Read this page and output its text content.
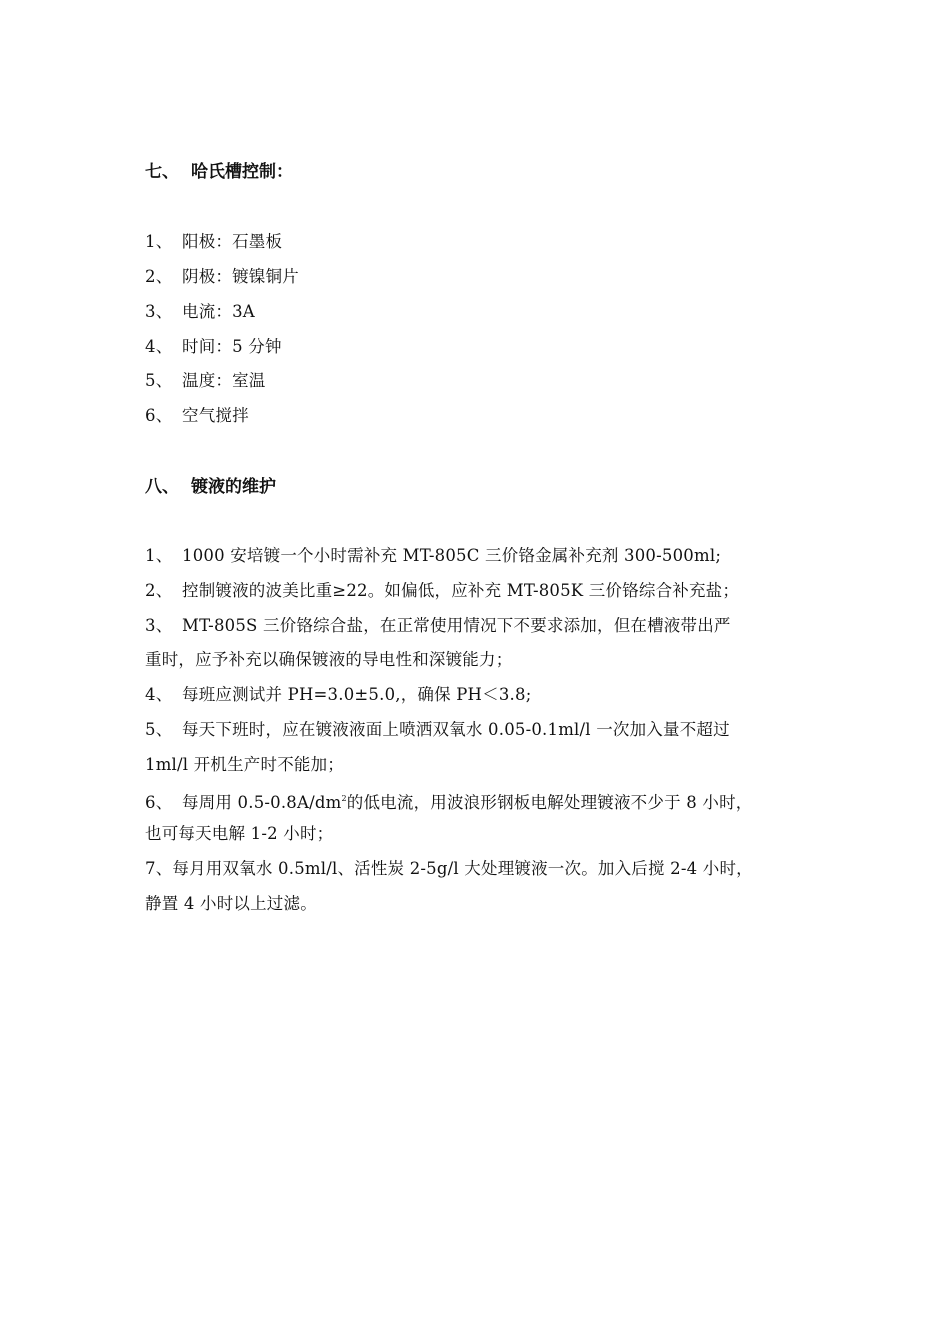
七、 哈氏槽控制：
1、 阳极：石墨板
2、 阴极：镀镍铜片
3、 电流：3A
4、 时间：5 分钟
5、 温度：室温
6、 空气搅拌
八、 镀液的维护
1、 1000 安培镀一个小时需补充 MT-805C 三价铬金属补充剂 300-500ml;
2、 控制镀液的波美比重≥22。如偏低，应补充 MT-805K 三价铬综合补充盐；
3、 MT-805S 三价铬综合盐，在正常使用情况下不要求添加，但在槽液带出严
重时，应予补充以确保镀液的导电性和深镀能力；
4、 每班应测试并 PH=3.0±5.0,，确保 PH＜3.8;
5、 每天下班时，应在镀液液面上喷洒双氧水 0.05-0.1ml/l 一次加入量不超过
1ml/l 开机生产时不能加；
6、 每周用 $0.5-0.8A/dm^2$的低电流，用波浪形钢板电解处理镀液不少于 8 小时，
也可每天电解 1-2 小时；
7、每月用双氧水 0.5ml/l、活性炭 2-5g/l 大处理镀液一次。加入后搅 2-4 小时，
静置 4 小时以上过滤。
